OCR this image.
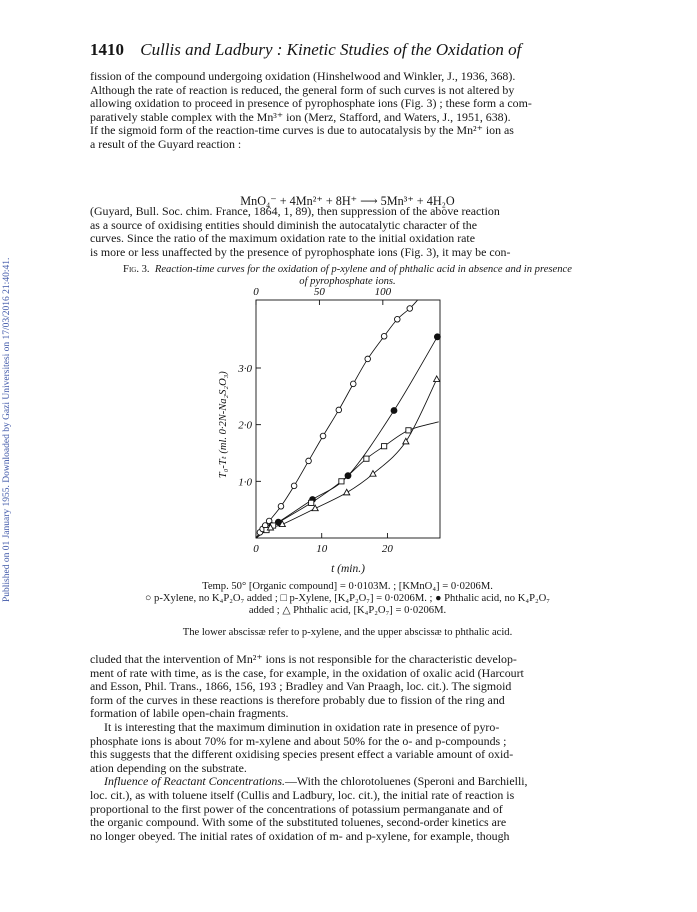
Published on 01 January 1955. Downloaded by Gazi Universitesi on 17/03/2016 21:40:41.
1410 Cullis and Ladbury : Kinetic Studies of the Oxidation of

fission of the compound undergoing oxidation (Hinshelwood and Winkler, J., 1936, 368).

Although the rate of reaction is reduced, the general form of such curves is not altered by

allowing oxidation to proceed in presence of pyrophosphate ions (Fig. 3) ; these form a com-

paratively stable complex with the Mn³⁺ ion (Merz, Stafford, and Waters, J., 1951, 638).

If the sigmoid form of the reaction-time curves is due to autocatalysis by the Mn²⁺ ion as

a result of the Guyard reaction :

MnO₄⁻ + 4Mn²⁺ + 8H⁺ ⟶ 5Mn³⁺ + 4H₂O

(Guyard, Bull. Soc. chim. France, 1864, 1, 89), then suppression of the above reaction

as a source of oxidising entities should diminish the autocatalytic character of the

curves. Since the ratio of the maximum oxidation rate to the initial oxidation rate

is more or less unaffected by the presence of pyrophosphate ions (Fig. 3), it may be con-

Fig. 3. Reaction-time curves for the oxidation of p-xylene and of phthalic acid in absence and in presence
of pyrophosphate ions.
0	10	20
0	50	100
1·0
2·0
3·0
t (min.)
T₀-Tₜ (ml. 0·2N-Na₂S₂O₃)
Temp. 50° [Organic compound] = 0·0103M. ; [KMnO₄] = 0·0206M.
○ p-Xylene, no K₄P₂O₇ added ; □ p-Xylene, [K₄P₂O₇] = 0·0206M. ; ● Phthalic acid, no K₄P₂O₇
added ; △ Phthalic acid, [K₄P₂O₇] = 0·0206M.
The lower abscissæ refer to p-xylene, and the upper abscissæ to phthalic acid.

cluded that the intervention of Mn²⁺ ions is not responsible for the characteristic develop-

ment of rate with time, as is the case, for example, in the oxidation of oxalic acid (Harcourt

and Esson, Phil. Trans., 1866, 156, 193 ; Bradley and Van Praagh, loc. cit.). The sigmoid

form of the curves in these reactions is therefore probably due to fission of the ring and

formation of labile open-chain fragments.

It is interesting that the maximum diminution in oxidation rate in presence of pyro-

phosphate ions is about 70% for m-xylene and about 50% for the o- and p-compounds ;

this suggests that the different oxidising species present effect a variable amount of oxid-

ation depending on the substrate.

Influence of Reactant Concentrations.—With the chlorotoluenes (Speroni and Barchielli,

loc. cit.), as with toluene itself (Cullis and Ladbury, loc. cit.), the initial rate of reaction is

proportional to the first power of the concentrations of potassium permanganate and of

the organic compound. With some of the substituted toluenes, second-order kinetics are

no longer obeyed. The initial rates of oxidation of m- and p-xylene, for example, though
